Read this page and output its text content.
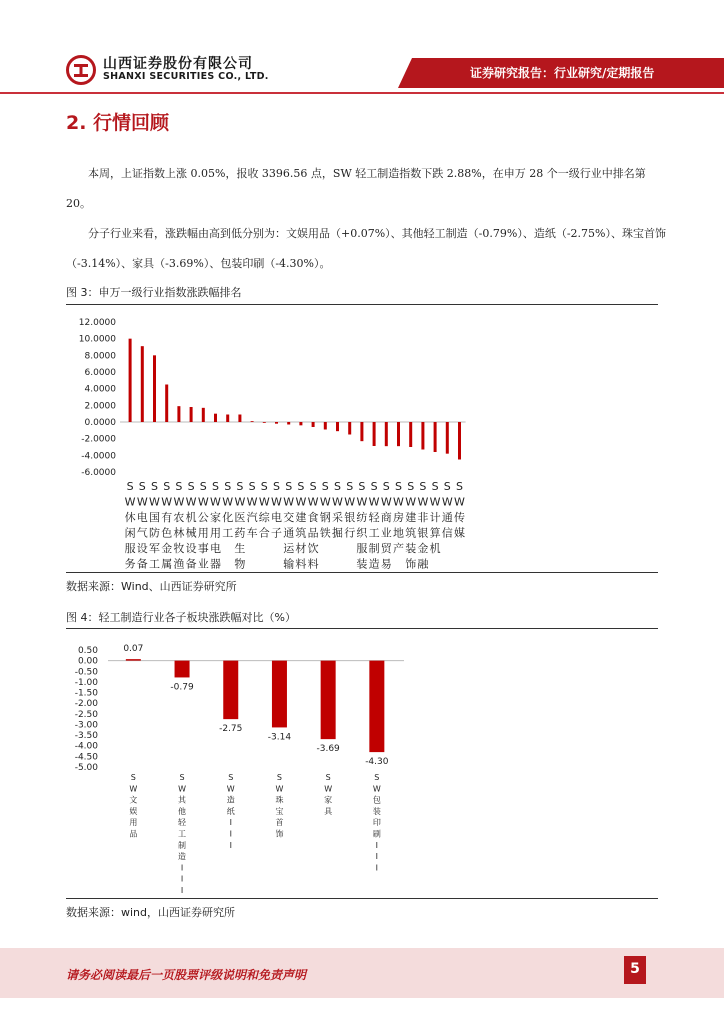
山西证券股份有限公司
SHANXI SECURITIES CO., LTD.	证券研究报告：行业研究/定期报告
2. 行情回顾
本周，上证指数上涨 0.05%，报收 3396.56 点，SW 轻工制造指数下跌 2.88%，在申万 28 个一级行业中排名第 20。
分子行业来看，涨跌幅由高到低分别为：文娱用品（+0.07%）、其他轻工制造（-0.79%）、造纸（-2.75%）、珠宝首饰（-3.14%）、家具（-3.69%）、包装印刷（-4.30%）。
图 3：申万一级行业指数涨跌幅排名
12.0000
10.0000
8.0000
6.0000
4.0000
2.0000
0.0000
-2.0000
-4.0000
-6.0000
S W 休闲服务
S W 电气设备
S W 国防军工
S W 有色金属
S W 农林牧渔
S W 机械设备
S W 公用事业
S W 家用电器
S W 化工
S W 医药生物
S W 汽车
S W 综合
S W 电子
S W 交通运输
S W 建筑材料
S W 食品饮料
S W 钢铁
S W 采掘
S W 银行
S W 纺织服装
S W 轻工制造
S W 商业贸易
S W 房地产
S W 建筑装饰
S W 非银金融
S W 计算机
S W 通信
S W 传媒
数据来源：Wind、山西证券研究所
图 4：轻工制造行业各子板块涨跌幅对比（%）
0.50
0.00
-0.50
-1.00
-1.50
-2.00
-2.50
-3.00
-3.50
-4.00
-4.50
-5.00
0.07
S W 文娱用品
-0.79
S W 其他轻工制造 I I I
-2.75
S W 造纸 I I I
-3.14
S W 珠宝首饰
-3.69
S W 家具
-4.30
S W 包装印刷 I I I
数据来源：wind，山西证券研究所
请务必阅读最后一页股票评级说明和免责声明	5
